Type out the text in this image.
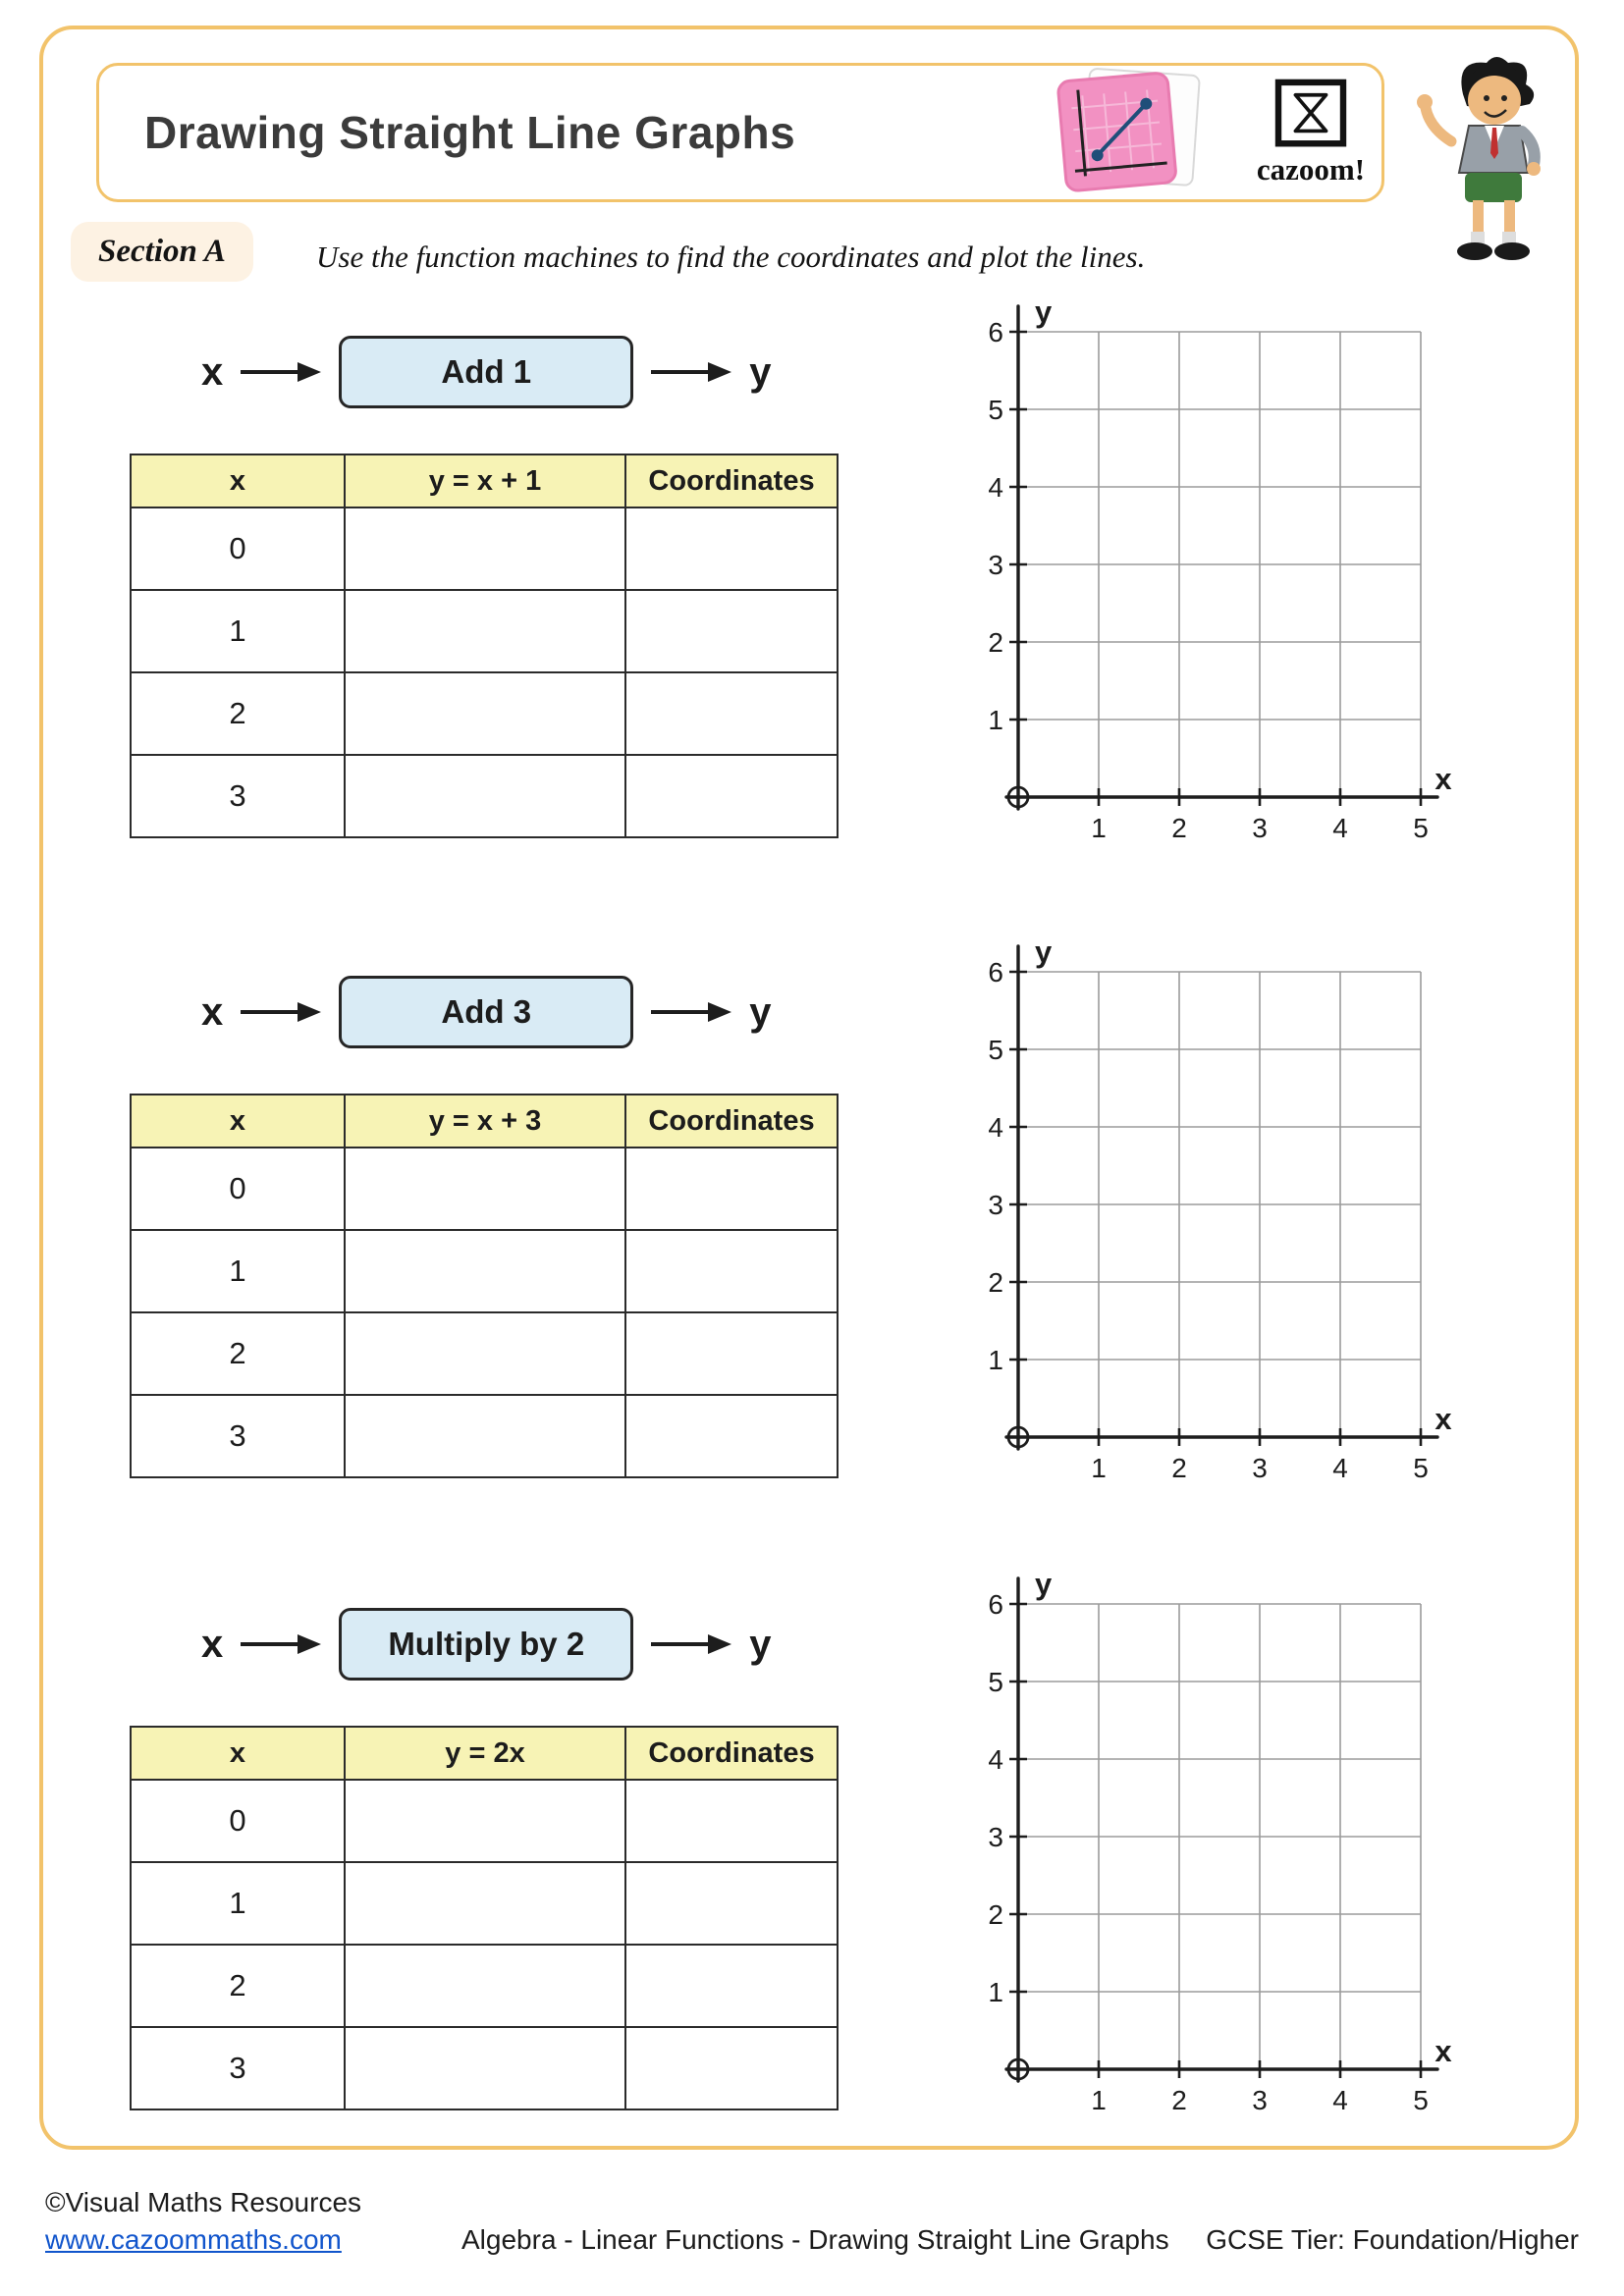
Drawing Straight Line Graphs
cazoom!
Section A	Use the function machines to find the coordinates and plot the lines.
x	Add 1	y
x	y = x + 1	Coordinates
0		
1		
2		
3		
y
x
1
2
3
4
5
6
1 2 3 4 5
x	Add 3	y
x	y = x + 3	Coordinates
0		
1		
2		
3		
y
x
1
2
3
4
5
6
1 2 3 4 5
x	Multiply by 2	y
x	y = 2x	Coordinates
0		
1		
2		
3		
y
x
1
2
3
4
5
6
1 2 3 4 5
©Visual Maths Resources
www.cazoommaths.com	Algebra - Linear Functions - Drawing Straight Line Graphs GCSE Tier: Foundation/Higher
